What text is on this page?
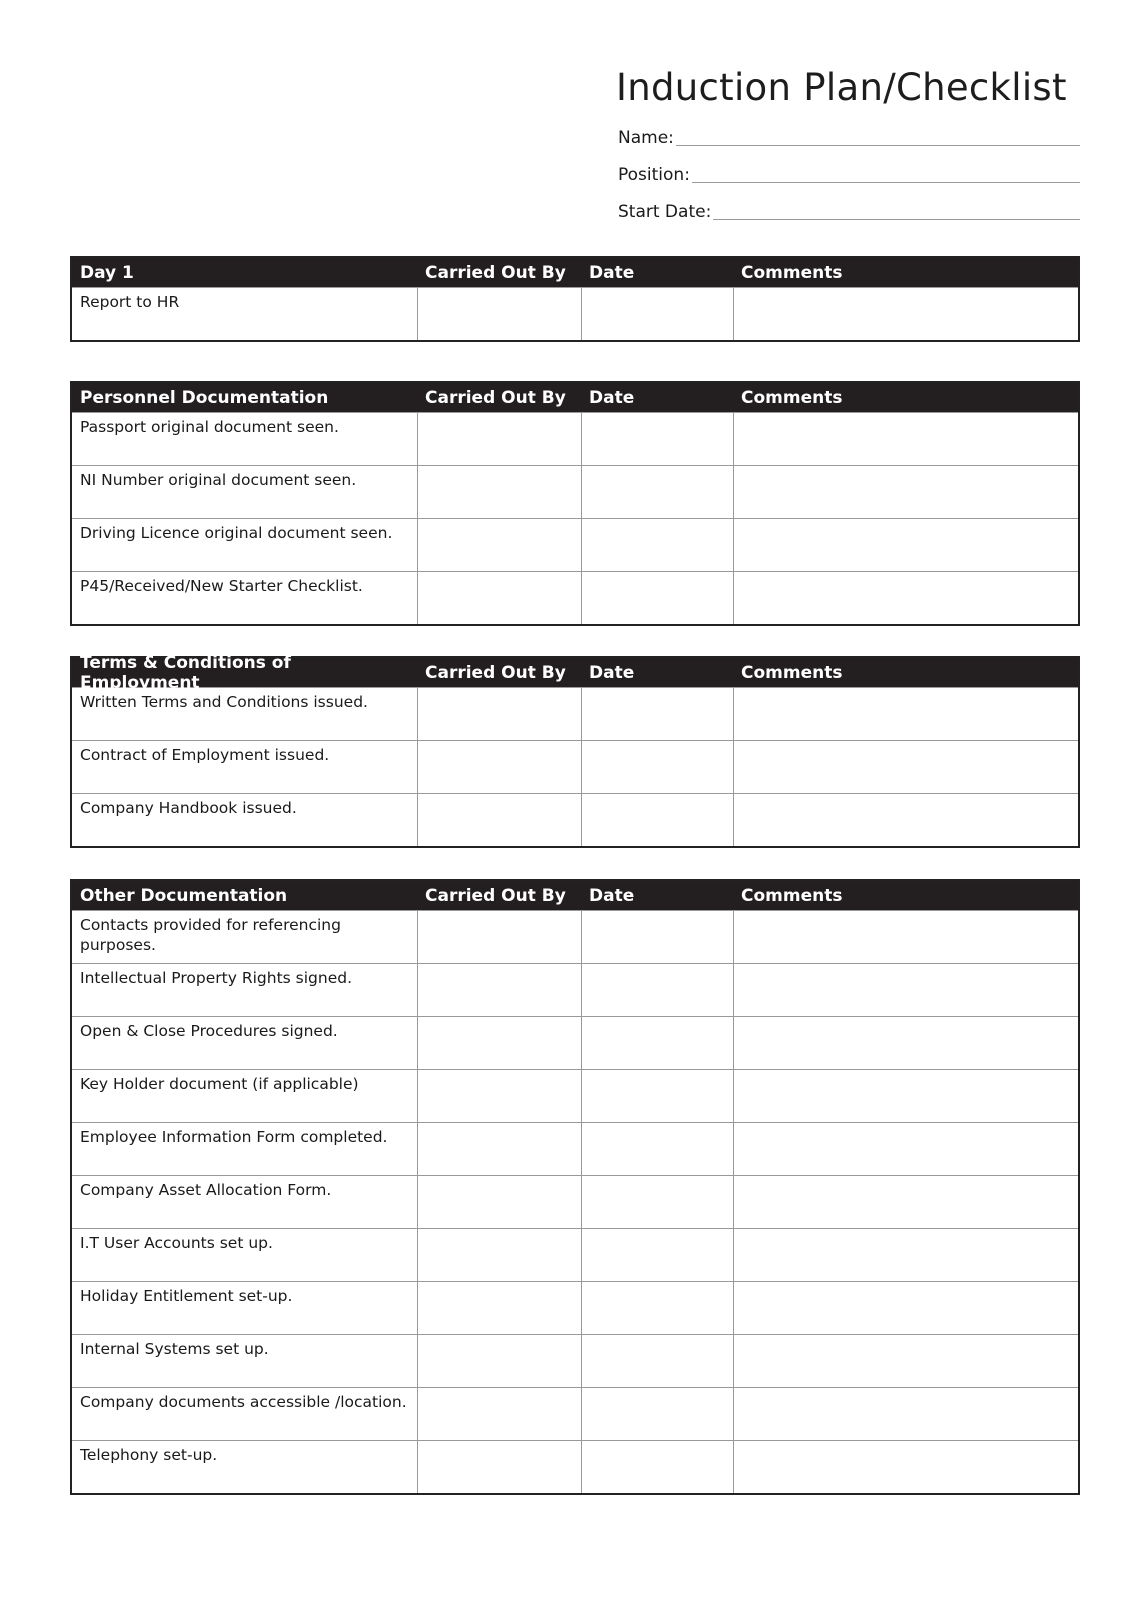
Induction Plan/Checklist
Name:
Position:
Start Date:
Day 1	Carried Out By	Date	Comments
Report to HR
Personnel Documentation	Carried Out By	Date	Comments
Passport original document seen.
NI Number original document seen.
Driving Licence original document seen.
P45/Received/New Starter Checklist.
Terms & Conditions of Employment	Carried Out By	Date	Comments
Written Terms and Conditions issued.
Contract of Employment issued.
Company Handbook issued.
Other Documentation	Carried Out By	Date	Comments
Contacts provided for referencing purposes.
Intellectual Property Rights signed.
Open & Close Procedures signed.
Key Holder document (if applicable)
Employee Information Form completed.
Company Asset Allocation Form.
I.T User Accounts set up.
Holiday Entitlement set-up.
Internal Systems set up.
Company documents accessible /location.
Telephony set-up.
